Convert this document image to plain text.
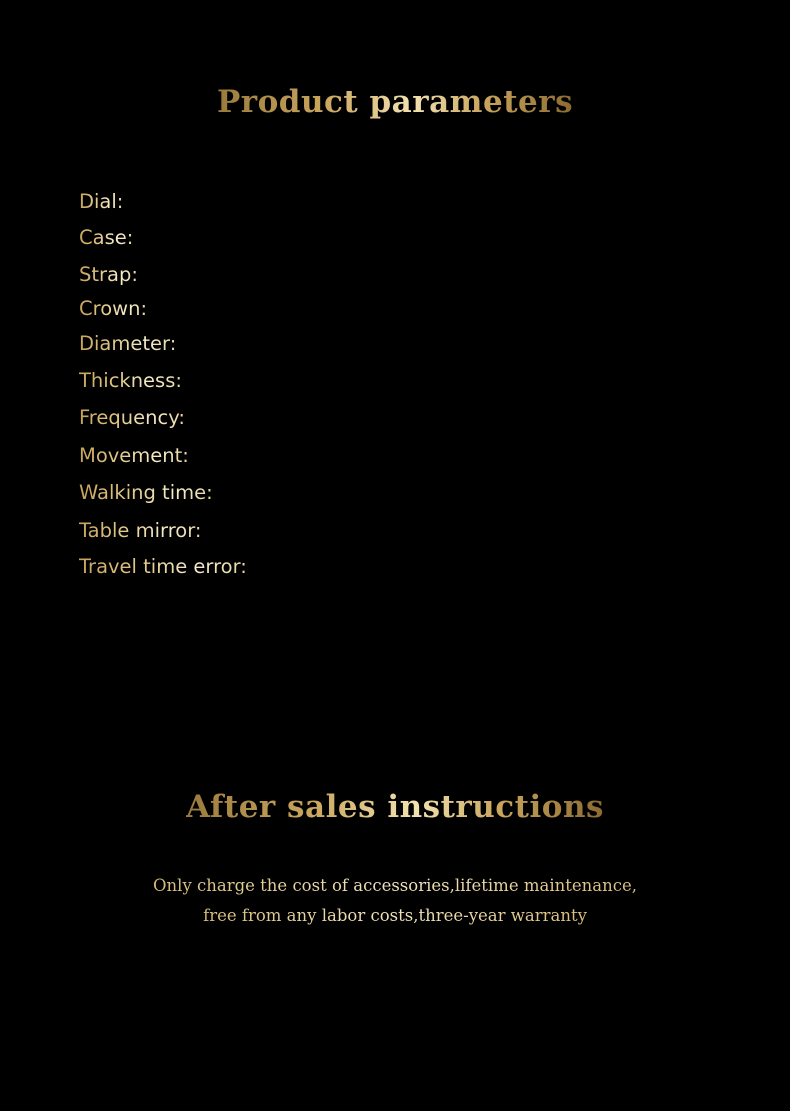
Product parameters
Dial:	Three_dimensional hollow sculpture process
Case:	Stainless Steel
Strap:	First layer leather strap
Crown:	Stainless Steel
Diameter: 42MM
Thickness: 12MM
Frequency: 28800
Movement: Original tourbillon hollow movement
Walking time: about 40 hours (hand loading)
Table mirror: Synthetic sapphire mirror
Travel time error: daily travel time error plus or minus 10 seconds
After sales instructions

Only charge the cost of accessories,lifetime maintenance,
free from any labor costs,three-year warranty
